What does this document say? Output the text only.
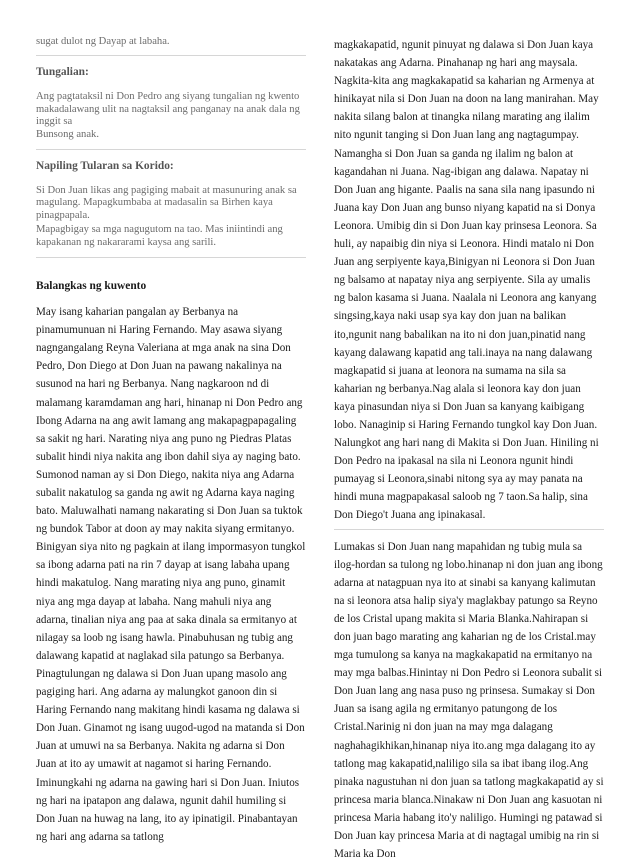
sugat dulot ng Dayap at labaha.

Tungalian:

Ang pagtataksil ni Don Pedro ang siyang tungalian ng kwento makadalawang ulit na nagtaksil ang panganay na anak dala ng inggit sa

Bunsong anak.

Napiling Tularan sa Korido:

Si Don Juan likas ang pagiging mabait at masunuring anak sa magulang. Mapagkumbaba at madasalin sa Birhen kaya pinagpapala.

Mapagbigay sa mga nagugutom na tao. Mas iniintindi ang kapakanan ng nakararami kaysa ang sarili.

Balangkas ng kuwento

May isang kaharian pangalan ay Berbanya na pinamumunuan ni Haring Fernando. May asawa siyang nagngangalang Reyna Valeriana at mga anak na sina Don Pedro, Don Diego at Don Juan na pawang nakalinya na susunod na hari ng Berbanya. Nang nagkaroon nd di malamang karamdaman ang hari, hinanap ni Don Pedro ang Ibong Adarna na ang awit lamang ang makapagpapagaling sa sakit ng hari. Narating niya ang puno ng Piedras Platas subalit hindi niya nakita ang ibon dahil siya ay naging bato. Sumonod naman ay si Don Diego, nakita niya ang Adarna subalit nakatulog sa ganda ng awit ng Adarna kaya naging bato. Maluwalhati namang nakarating si Don Juan sa tuktok ng bundok Tabor at doon ay may nakita siyang ermitanyo. Binigyan siya nito ng pagkain at ilang impormasyon tungkol sa ibong adarna pati na rin 7 dayap at isang labaha upang hindi makatulog. Nang marating niya ang puno, ginamit niya ang mga dayap at labaha. Nang mahuli niya ang adarna, tinalian niya ang paa at saka dinala sa ermitanyo at nilagay sa loob ng isang hawla. Pinabuhusan ng tubig ang dalawang kapatid at naglakad sila patungo sa Berbanya. Pinagtulungan ng dalawa si Don Juan upang masolo ang pagiging hari. Ang adarna ay malungkot ganoon din si Haring Fernando nang makitang hindi kasama ng dalawa si Don Juan. Ginamot ng isang uugod-ugod na matanda si Don Juan at umuwi na sa Berbanya. Nakita ng adarna si Don Juan at ito ay umawit at nagamot si haring Fernando. Iminungkahi ng adarna na gawing hari si Don Juan. Iniutos ng hari na ipatapon ang dalawa, ngunit dahil humiling si Don Juan na huwag na lang, ito ay ipinatigil. Pinabantayan ng hari ang adarna sa tatlong

magkakapatid, ngunit pinuyat ng dalawa si Don Juan kaya nakatakas ang Adarna. Pinahanap ng hari ang maysala. Nagkita-kita ang magkakapatid sa kaharian ng Armenya at hinikayat nila si Don Juan na doon na lang manirahan. May nakita silang balon at tinangka nilang marating ang ilalim nito ngunit tanging si Don Juan lang ang nagtagumpay. Namangha si Don Juan sa ganda ng ilalim ng balon at kagandahan ni Juana. Nag-ibigan ang dalawa. Napatay ni Don Juan ang higante. Paalis na sana sila nang ipasundo ni Juana kay Don Juan ang bunso niyang kapatid na si Donya Leonora. Umibig din si Don Juan kay prinsesa Leonora. Sa huli, ay napaibig din niya si Leonora. Hindi matalo ni Don Juan ang serpiyente kaya,Binigyan ni Leonora si Don Juan ng balsamo at napatay niya ang serpiyente. Sila ay umalis ng balon kasama si Juana. Naalala ni Leonora ang kanyang singsing,kaya naki usap sya kay don juan na balikan ito,ngunit nang babalikan na ito ni don juan,pinatid nang kayang dalawang kapatid ang tali.inaya na nang dalawang magkapatid si juana at leonora na sumama na sila sa kaharian ng berbanya.Nag alala si leonora kay don juan kaya pinasundan niya si Don Juan sa kanyang kaibigang lobo. Nanaginip si Haring Fernando tungkol kay Don Juan. Nalungkot ang hari nang di Makita si Don Juan. Hiniling ni Don Pedro na ipakasal na sila ni Leonora ngunit hindi pumayag si Leonora,sinabi nitong sya ay may panata na hindi muna magpapakasal saloob ng 7 taon.Sa halip, sina Don Diego't Juana ang ipinakasal.

Lumakas si Don Juan nang mapahidan ng tubig mula sa ilog-hordan sa tulong ng lobo.hinanap ni don juan ang ibong adarna at natagpuan nya ito at sinabi sa kanyang kalimutan na si leonora atsa halip siya'y maglakbay patungo sa Reyno de los Cristal upang makita si Maria Blanka.Nahirapan si don juan bago marating ang kaharian ng de los Cristal.may mga tumulong sa kanya na magkakapatid na ermitanyo na may mga balbas.Hinintay ni Don Pedro si Leonora subalit si Don Juan lang ang nasa puso ng prinsesa. Sumakay si Don Juan sa isang agila ng ermitanyo patungong de los Cristal.Narinig ni don juan na may mga dalagang naghahagikhikan,hinanap niya ito.ang mga dalagang ito ay tatlong mag kakapatid,naliligo sila sa ibat ibang ilog.Ang pinaka nagustuhan ni don juan sa tatlong magkakapatid ay si princesa maria blanca.Ninakaw ni Don Juan ang kasuotan ni princesa Maria habang ito'y naliligo. Humingi ng patawad si Don Juan kay princesa Maria at di nagtagal umibig na rin si Maria ka Don
